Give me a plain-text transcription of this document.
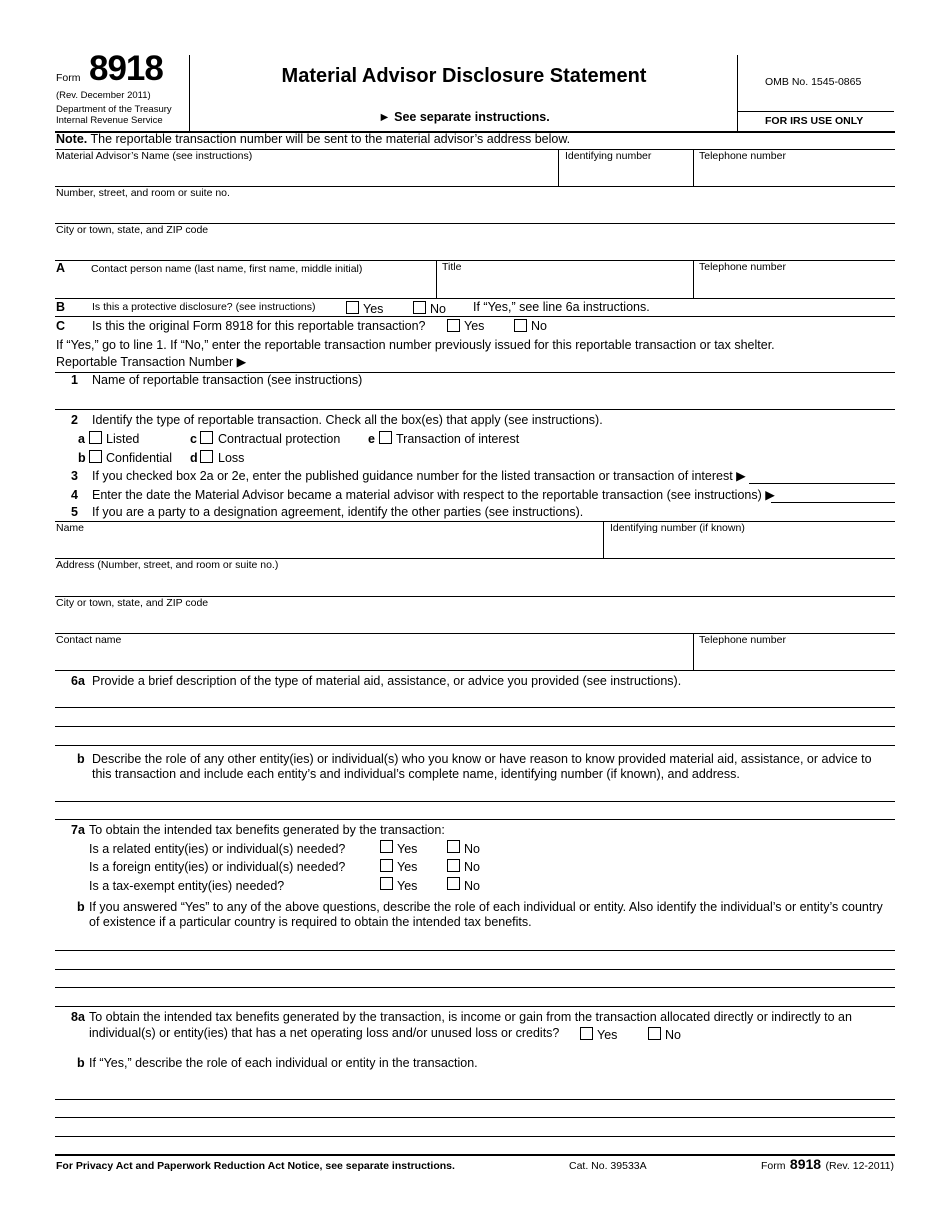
Form 8918
(Rev. December 2011)
Department of the Treasury
Internal Revenue Service
Material Advisor Disclosure Statement
► See separate instructions.
OMB No. 1545-0865
FOR IRS USE ONLY
Note. The reportable transaction number will be sent to the material advisor’s address below.
Material Advisor’s Name (see instructions)	Identifying number	Telephone number
Number, street, and room or suite no.
City or town, state, and ZIP code
A Contact person name (last name, first name, middle initial)	Title	Telephone number
B	Is this a protective disclosure? (see instructions)	Yes	No If “Yes,” see line 6a instructions.
C Is this the original Form 8918 for this reportable transaction?	Yes	No
If “Yes,” go to line 1. If “No,” enter the reportable transaction number previously issued for this reportable transaction or tax shelter.
Reportable Transaction Number ▶
1 Name of reportable transaction (see instructions)
2 Identify the type of reportable transaction. Check all the box(es) that apply (see instructions).
a Listed
b Confidential
c Contractual protection
d Loss
e Transaction of interest
3 If you checked box 2a or 2e, enter the published guidance number for the listed transaction or transaction of interest ▶
4 Enter the date the Material Advisor became a material advisor with respect to the reportable transaction (see instructions) ▶
5 If you are a party to a designation agreement, identify the other parties (see instructions).
Name	Identifying number (if known)
Address (Number, street, and room or suite no.)
City or town, state, and ZIP code
Contact name	Telephone number
6a Provide a brief description of the type of material aid, assistance, or advice you provided (see instructions).
b Describe the role of any other entity(ies) or individual(s) who you know or have reason to know provided material aid, assistance, or advice to
this transaction and include each entity’s and individual’s complete name, identifying number (if known), and address.
7a To obtain the intended tax benefits generated by the transaction:
Is a related entity(ies) or individual(s) needed?	Yes	No
Is a foreign entity(ies) or individual(s) needed?	Yes	No
Is a tax-exempt entity(ies) needed?	Yes	No
b If you answered “Yes” to any of the above questions, describe the role of each individual or entity. Also identify the individual’s or entity’s country
of existence if a particular country is required to obtain the intended tax benefits.
8a To obtain the intended tax benefits generated by the transaction, is income or gain from the transaction allocated directly or indirectly to an
individual(s) or entity(ies) that has a net operating loss and/or unused loss or credits?	Yes	No
b If “Yes,” describe the role of each individual or entity in the transaction.
For Privacy Act and Paperwork Reduction Act Notice, see separate instructions.	Cat. No. 39533A	Form 8918 (Rev. 12-2011)
